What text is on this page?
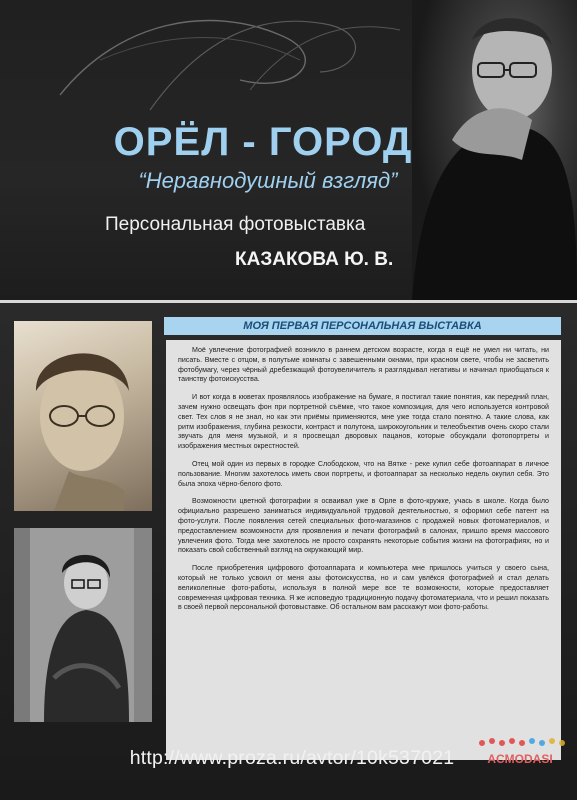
ОРЁЛ - ГОРОД
“Неравнодушный взгляд”
Персональная фотовыставка
КАЗАКОВА Ю. В.
МОЯ ПЕРВАЯ ПЕРСОНАЛЬНАЯ ВЫСТАВКА

Моё увлечение фотографией возникло в раннем детском возрасте, когда я ещё не умел ни читать, ни писать. Вместе с отцом, в полутьме комнаты с завешенными окнами, при красном свете, чтобы не засветить фотобумагу, через чёрный дребезжащий фотоувеличитель я разглядывал негативы и начинал приобщаться к таинству фотоискусства.

И вот когда в кюветах проявлялось изображение на бумаге, я постигал такие понятия, как передний план, зачем нужно освещать фон при портретной съёмке, что такое композиция, для чего используется контровой свет. Тех слов я не знал, но как эти приёмы применяются, мне уже тогда стало понятно. А такие слова, как ритм изображения, глубина резкости, контраст и полутона, широкоугольник и телеобъектив очень скоро стали звучать для меня музыкой, и я просвещал дворовых пацанов, которые обсуждали фотопортреты и изображения местных окрестностей.

Отец мой один из первых в городке Слободском, что на Вятке - реке купил себе фотоаппарат в личное пользование. Многим захотелось иметь свои портреты, и фотоаппарат за несколько недель окупил себя. Это была эпоха чёрно-белого фото.

Возможности цветной фотографии я осваивал уже в Орле в фото-кружке, учась в школе. Когда было официально разрешено заниматься индивидуальной трудовой деятельностью, я оформил себе патент на фото-услуги. После появления сетей специальных фото-магазинов с продажей новых фотоматериалов, и предоставлением возможности для проявления и печати фотографий в салонах, пришло время массового увлечения фото. Тогда мне захотелось не просто сохранять некоторые события жизни на фотографиях, но и показать свой собственный взгляд на окружающий мир.

После приобретения цифрового фотоаппарата и компьютера мне пришлось учиться у своего сына, который не только усвоил от меня азы фотоискусства, но и сам увлёкся фотографией и стал делать великолепные фото-работы, используя в полной мере все те возможности, которые предоставляет современная цифровая техника. Я же исповедую традиционную подачу фотоматериала, что и решил показать в своей первой персональной фотовыставке. Об остальном вам расскажут мои фото-работы.

http://www.proza.ru/avtor/10k537021	ACMODASI
